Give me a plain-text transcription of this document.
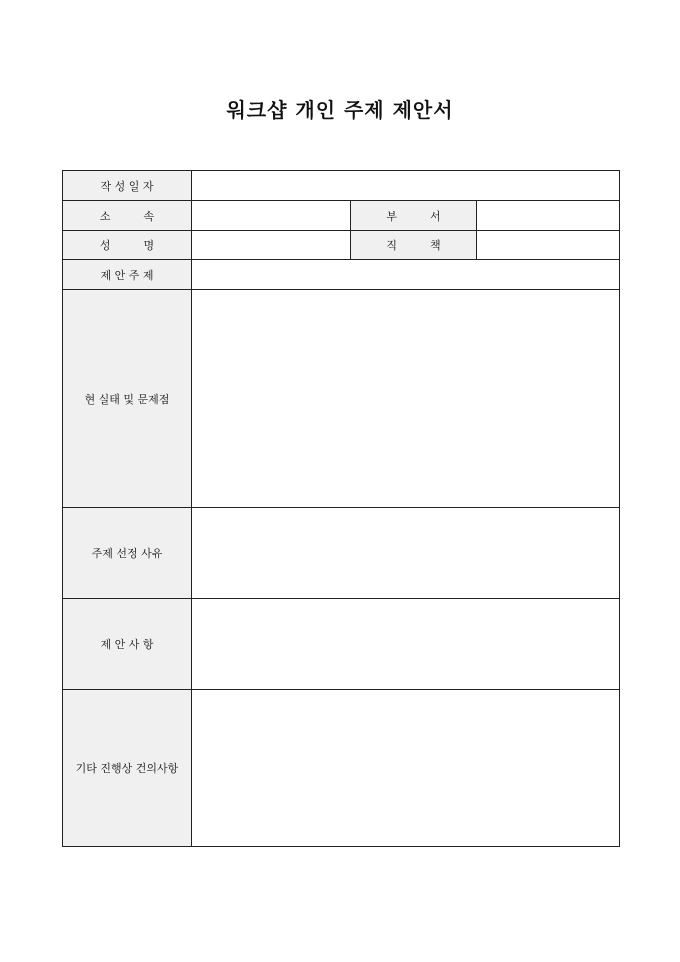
워크샵 개인 주제 제안서
작 성 일 자			
소　　　속		부　　　서	
성　　　명		직　　　책	
제 안 주 제			
현 실태 및 문제점			
주제 선정 사유			
제 안 사 항			
기타 진행상 건의사항			
